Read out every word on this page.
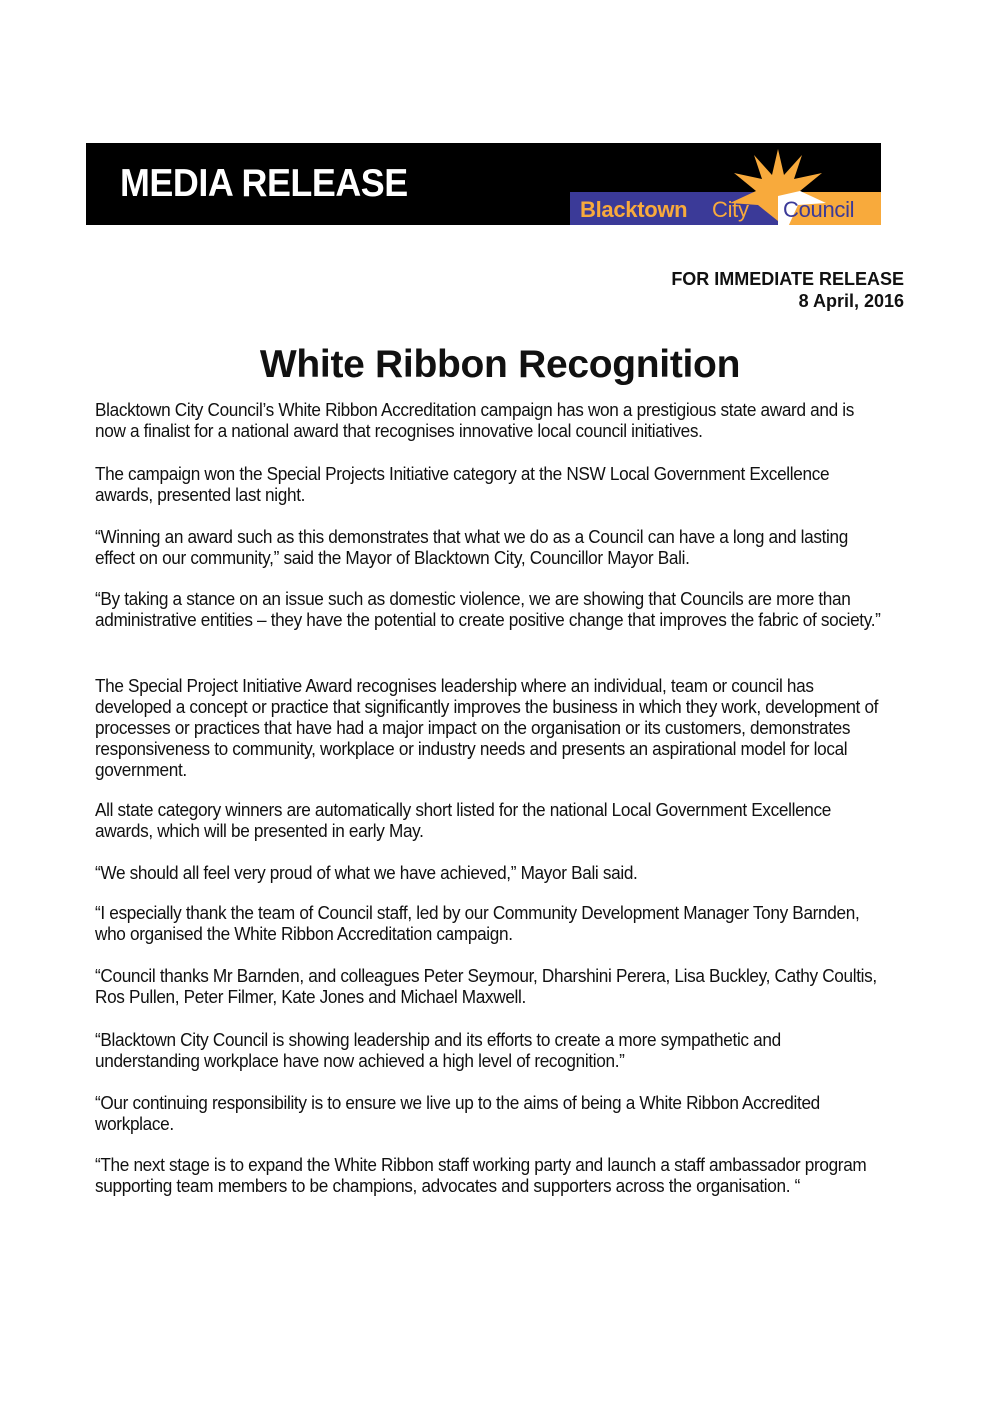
MEDIA RELEASE
Blacktown City Council
FOR IMMEDIATE RELEASE
8 April, 2016
White Ribbon Recognition

Blacktown City Council’s White Ribbon Accreditation campaign has won a prestigious state award and is now a finalist for a national award that recognises innovative local council initiatives.

The campaign won the Special Projects Initiative category at the NSW Local Government Excellence awards, presented last night.

“Winning an award such as this demonstrates that what we do as a Council can have a long and lasting effect on our community,” said the Mayor of Blacktown City, Councillor Mayor Bali.

“By taking a stance on an issue such as domestic violence, we are showing that Councils are more than administrative entities – they have the potential to create positive change that improves the fabric of society.”

The Special Project Initiative Award recognises leadership where an individual, team or council has developed a concept or practice that significantly improves the business in which they work, development of processes or practices that have had a major impact on the organisation or its customers, demonstrates responsiveness to community, workplace or industry needs and presents an aspirational model for local government.

All state category winners are automatically short listed for the national Local Government Excellence awards, which will be presented in early May.

“We should all feel very proud of what we have achieved,” Mayor Bali said.

“I especially thank the team of Council staff, led by our Community Development Manager Tony Barnden, who organised the White Ribbon Accreditation campaign.

“Council thanks Mr Barnden, and colleagues Peter Seymour, Dharshini Perera, Lisa Buckley, Cathy Coultis, Ros Pullen, Peter Filmer, Kate Jones and Michael Maxwell.

“Blacktown City Council is showing leadership and its efforts to create a more sympathetic and understanding workplace have now achieved a high level of recognition.”

“Our continuing responsibility is to ensure we live up to the aims of being a White Ribbon Accredited workplace.

“The next stage is to expand the White Ribbon staff working party and launch a staff ambassador program supporting team members to be champions, advocates and supporters across the organisation. “
